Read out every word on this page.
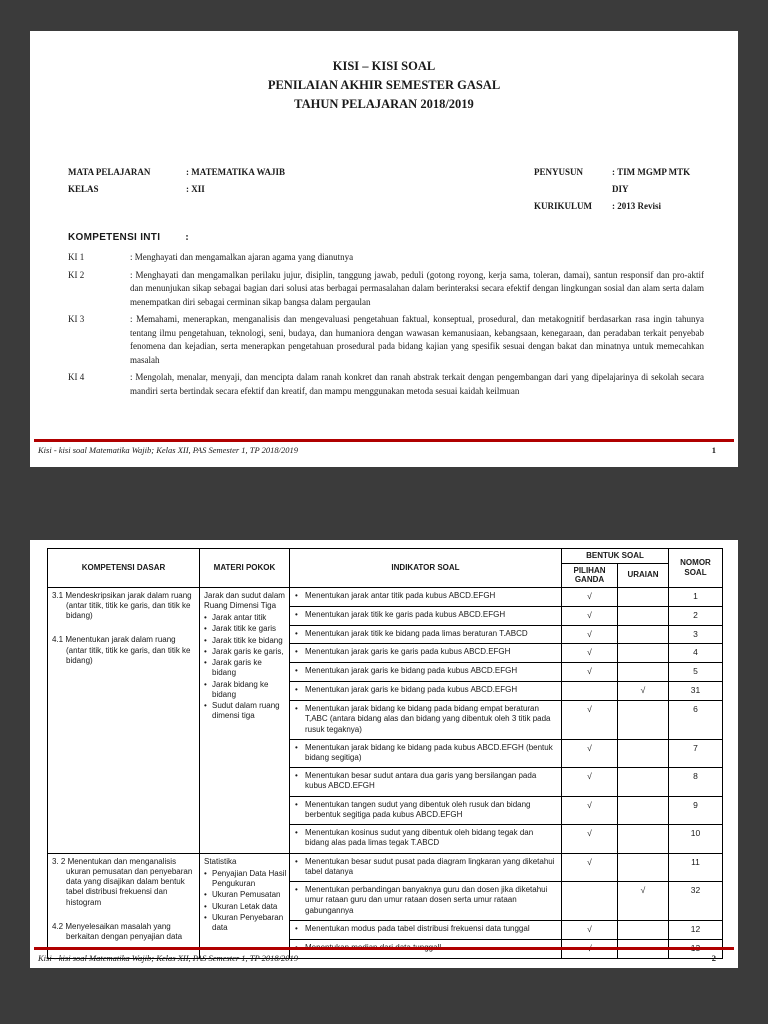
KISI – KISI SOAL
PENILAIAN AKHIR SEMESTER GASAL
TAHUN PELAJARAN 2018/2019
MATA PELAJARAN	: MATEMATIKA WAJIB
KELAS	: XII
PENYUSUN	: TIM MGMP MTK DIY
KURIKULUM	: 2013 Revisi
KOMPETENSI INTI	:
KI 1	: Menghayati dan mengamalkan ajaran agama yang dianutnya
KI 2	: Menghayati dan mengamalkan perilaku jujur, disiplin, tanggung jawab, peduli (gotong royong, kerja sama, toleran, damai), santun responsif dan pro-aktif dan menunjukan sikap sebagai bagian dari solusi atas berbagai permasalahan dalam berinteraksi secara efektif dengan lingkungan sosial dan alam serta dalam menempatkan diri sebagai cerminan sikap bangsa dalam pergaulan
KI 3	: Memahami, menerapkan, menganalisis dan mengevaluasi pengetahuan faktual, konseptual, prosedural, dan metakognitif berdasarkan rasa ingin tahunya tentang ilmu pengetahuan, teknologi, seni, budaya, dan humaniora dengan wawasan kemanusiaan, kebangsaan, kenegaraan, dan peradaban terkait penyebab fenomena dan kejadian, serta menerapkan pengetahuan prosedural pada bidang kajian yang spesifik sesuai dengan bakat dan minatnya untuk memecahkan masalah
KI 4	: Mengolah, menalar, menyaji, dan mencipta dalam ranah konkret dan ranah abstrak terkait dengan pengembangan dari yang dipelajarinya di sekolah secara mandiri serta bertindak secara efektif dan kreatif, dan mampu menggunakan metoda sesuai kaidah keilmuan
Kisi - kisi soal Matematika Wajib; Kelas XII, PAS Semester 1, TP 2018/2019	1
KOMPETENSI DASAR	MATERI POKOK	INDIKATOR SOAL	BENTUK SOAL		NOMOR SOAL
			PILIHAN GANDA	URAIAN	

3.1 Mendeskripsikan jarak dalam ruang (antar titik, titik ke garis, dan titik ke bidang)
4.1 Menentukan jarak dalam ruang (antar titik, titik ke garis, dan titik ke bidang)

Jarak dan sudut dalam Ruang Dimensi Tiga
• Jarak antar titik
• Jarak titik ke garis
• Jarak titik ke bidang
• Jarak garis ke garis,
• Jarak garis ke bidang
• Jarak bidang ke bidang
• Sudut dalam ruang dimensi tiga
	• Menentukan jarak antar titik pada kubus ABCD.EFGH	√		1
		• Menentukan jarak titik ke garis pada kubus ABCD.EFGH	√		2
		• Menentukan jarak titik ke bidang pada limas beraturan T.ABCD	√		3
		• Menentukan jarak garis ke garis pada kubus ABCD.EFGH	√		4
		• Menentukan jarak garis ke bidang pada kubus ABCD.EFGH	√		5
		• Menentukan jarak garis ke bidang pada kubus ABCD.EFGH		√	31
		• Menentukan jarak bidang ke bidang pada bidang empat beraturan T,ABC (antara bidang alas dan bidang yang dibentuk oleh 3 titik pada rusuk tegaknya)	√		6
		• Menentukan jarak bidang ke bidang pada kubus ABCD.EFGH (bentuk bidang segitiga)	√		7
		• Menentukan besar sudut antara dua garis yang bersilangan pada kubus ABCD.EFGH	√		8
		• Menentukan tangen sudut yang dibentuk oleh rusuk dan bidang berbentuk segitiga pada kubus ABCD.EFGH	√		9
		• Menentukan kosinus sudut yang dibentuk oleh bidang tegak dan bidang alas pada limas tegak T.ABCD	√		10

3. 2 Menentukan dan menganalisis ukuran pemusatan dan penyebaran data yang disajikan dalam bentuk tabel distribusi frekuensi dan histogram
4.2 Menyelesaikan masalah yang berkaitan dengan penyajian data

Statistika
• Penyajian Data Hasil Pengukuran
• Ukuran Pemusatan
• Ukuran Letak data
• Ukuran Penyebaran data
	• Menentukan besar sudut pusat pada diagram lingkaran yang diketahui tabel datanya	√		11
		• Menentukan perbandingan banyaknya guru dan dosen jika diketahui umur rataan guru dan umur rataan dosen serta umur rataan gabungannya		√	32
		• Menentukan modus pada tabel distribusi frekuensi data tunggal	√		12
		• Menentukan median dari data tunggall .	√		13
Kisi - kisi soal Matematika Wajib; Kelas XII, PAS Semester 1, TP 2018/2019	2
